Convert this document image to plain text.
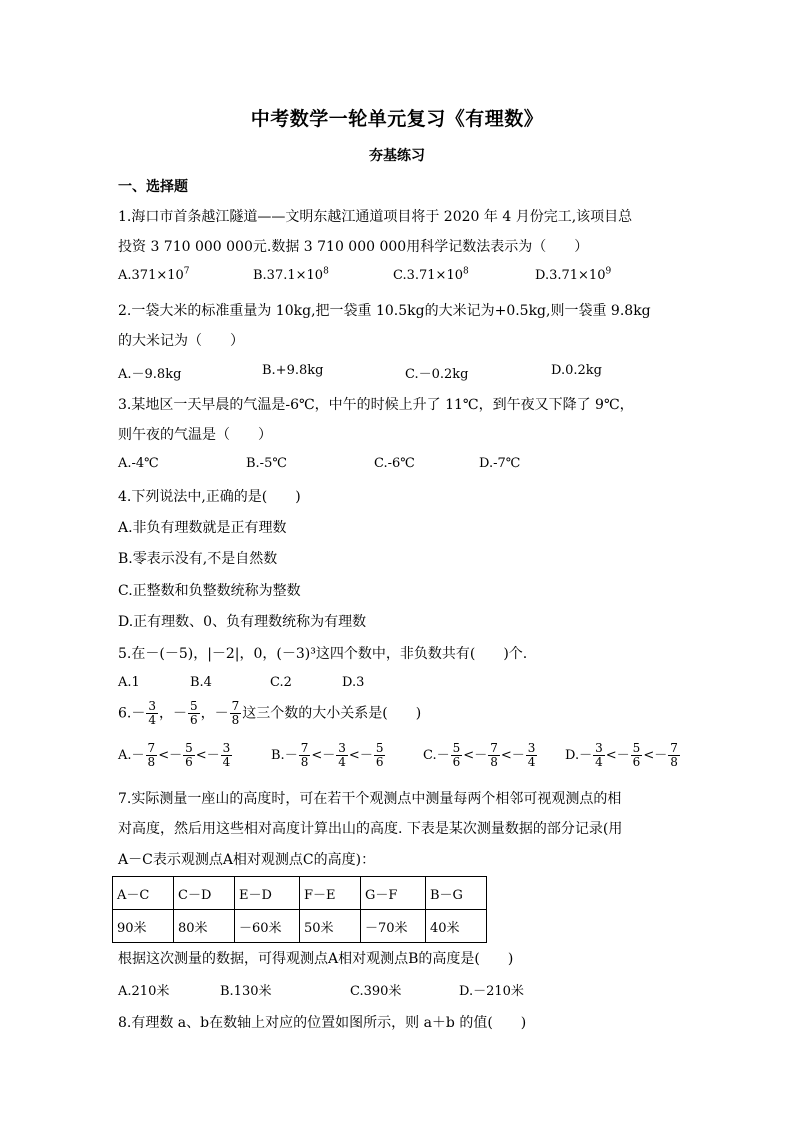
中考数学一轮单元复习《有理数》
夯基练习
一、选择题
1.海口市首条越江隧道——文明东越江通道项目将于 2020 年 4 月份完工,该项目总
投资 3 710 000 000元.数据 3 710 000 000用科学记数法表示为（　　）
$A.371\times 10^7$	$B.37.1\times 10^8$	$C.3.71\times 10^8$	$D.3.71\times 10^9$
2.一袋大米的标准重量为 10kg,把一袋重 10.5kg的大米记为+0.5kg,则一袋重 9.8kg
的大米记为（　　）
A.－9.8kg	B.+9.8kg	C.－0.2kg	D.0.2kg
3.某地区一天早晨的气温是-6℃，中午的时候上升了 11℃，到午夜又下降了 9℃，
则午夜的气温是（　　）
A.-4℃	B.-5℃	C.-6℃	D.-7℃
4.下列说法中,正确的是(　　)
A.非负有理数就是正有理数
B.零表示没有,不是自然数
C.正整数和负整数统称为整数
D.正有理数、0、负有理数统称为有理数
5.在－(－5)，|－2|，0，(－3)³这四个数中，非负数共有(　　)个.
A.1	B.4	C.2	D.3
$6.- \frac{3}{4}$ ，－ $\frac{5}{6}$ ，－ $\frac{7}{8}$ 这三个数的大小关系是(　　)
$A.- \frac{7}{8} <- \frac{5}{6} <- \frac{3}{4}$	$B.- \frac{7}{8} <- \frac{3}{4} <- \frac{5}{6}$	$C.- \frac{5}{6} <- \frac{7}{8} <- \frac{3}{4} D.- \frac{3}{4} <- \frac{5}{6} <- \frac{7}{8}$
7.实际测量一座山的高度时，可在若干个观测点中测量每两个相邻可视观测点的相
对高度，然后用这些相对高度计算出山的高度. 下表是某次测量数据的部分记录(用
A－C表示观测点A相对观测点C的高度)：
A－C	C－D	E－D	F－E	G－F	B－G
90米	80米	－60米	50米	－70米	40米
根据这次测量的数据，可得观测点A相对观测点B的高度是(　　)
A.210米	B.130米	C.390米	D.－210米
8.有理数 a、b在数轴上对应的位置如图所示，则 a＋b 的值(　　)
